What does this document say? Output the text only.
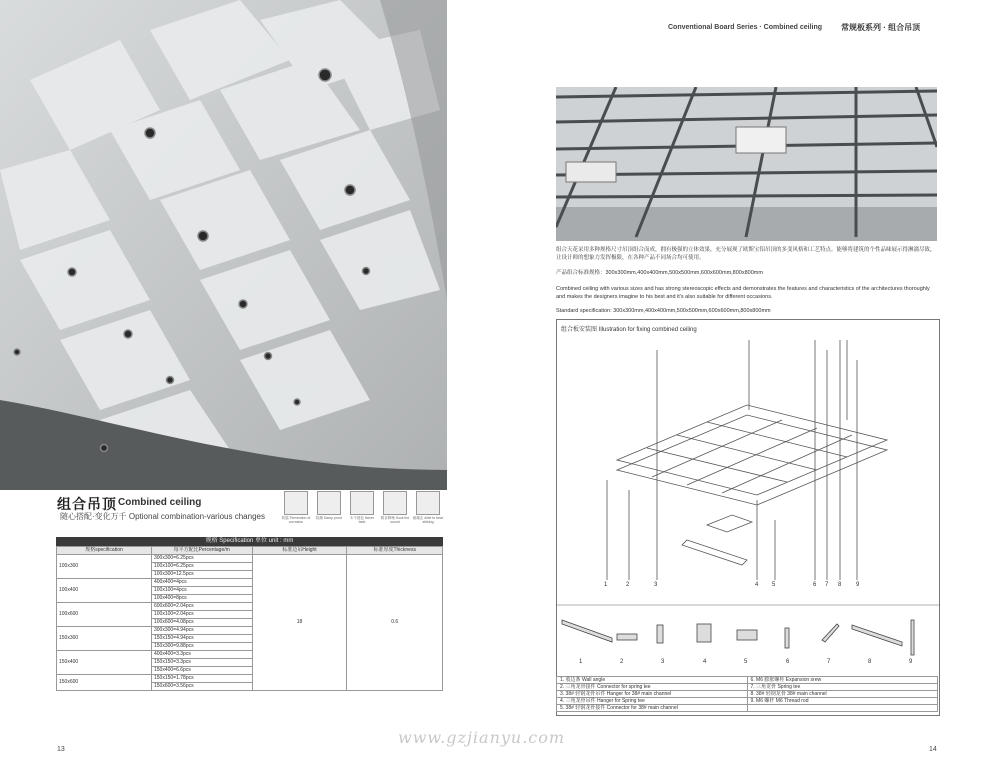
组合吊顶 Combined ceiling
随心搭配·变化万千 Optional combination-various changes	防腐 Prevention of corrosion
防潮 Damp proof	永不褪色 Never fade
吸音降噪 Suck the sound
耐撞击 Able to bear striking
规格 Specification 单位 unit : mm
规格specification	每平方配比Percentage/m	标准边吊Height	标准厚度Thickness
100x300	300x300=6.25pcs	18	0.6
	100x100=6.25pcs		
	100x300=12.5pcs		
100x400	400x400=4pcs		
	100x100=4pcs		
	100x400=8pcs		
100x600	600x600=2.04pcs		
	100x100=2.04pcs		
	100x600=4.08pcs		
150x300	300x300=4.94pcs		
	150x150=4.94pcs		
	150x300=9.88pcs		
150x400	400x400=3.3pcs		
	150x150=3.3pcs		
	150x400=6.6pcs		
150x600	150x150=1.78pcs		
	150x600=3.56pcs		
13
Conventional Board Series · Combined ceiling 常规板系列 · 组合吊顶
组合天花采用多种规格尺寸吊顶组合而成，拥有极强的立体效果，充分展现了欧斯宝铝吊顶的多变风格和工艺特点。能够将建筑的个性品味展示得淋漓尽致，让设计师的想象力发挥极限，在各种产品不同场合均可使用。
产品组合标准规格：300x300mm,400x400mm,500x500mm,600x600mm,800x800mm
Combined ceiling with various sizes and has strong stereoscopic effects and demonstrates the features and characteristics of the architectures thoroughly and makes the designers imagine to his best and it's also suitable for different occasions.
Standard specification: 300x300mm,400x400mm,500x500mm,600x600mm,800x800mm
组合板安装图 Illustration for fixing combined ceiling
1	2	3	4 5	6 7 8 9
1	2	3	4	5	6	7	8	9
1. 收边条 Wall angle	6. M6 膨胀螺栓 Expansion srew
2. 三角龙骨接件 Connector for spring tee	7. 三角龙骨 Spring tee
3. 38# 轻钢龙骨吊件 Hanger for 38# main channel	8. 38# 轻钢龙骨 38# main channel
4. 三角龙骨吊件 Hanger for Spring tee	9. M6 螺杆 M6 Thread rod
5. 38# 轻钢龙骨接件 Connector for 38# main channel	
14
www.gzjianyu.com
